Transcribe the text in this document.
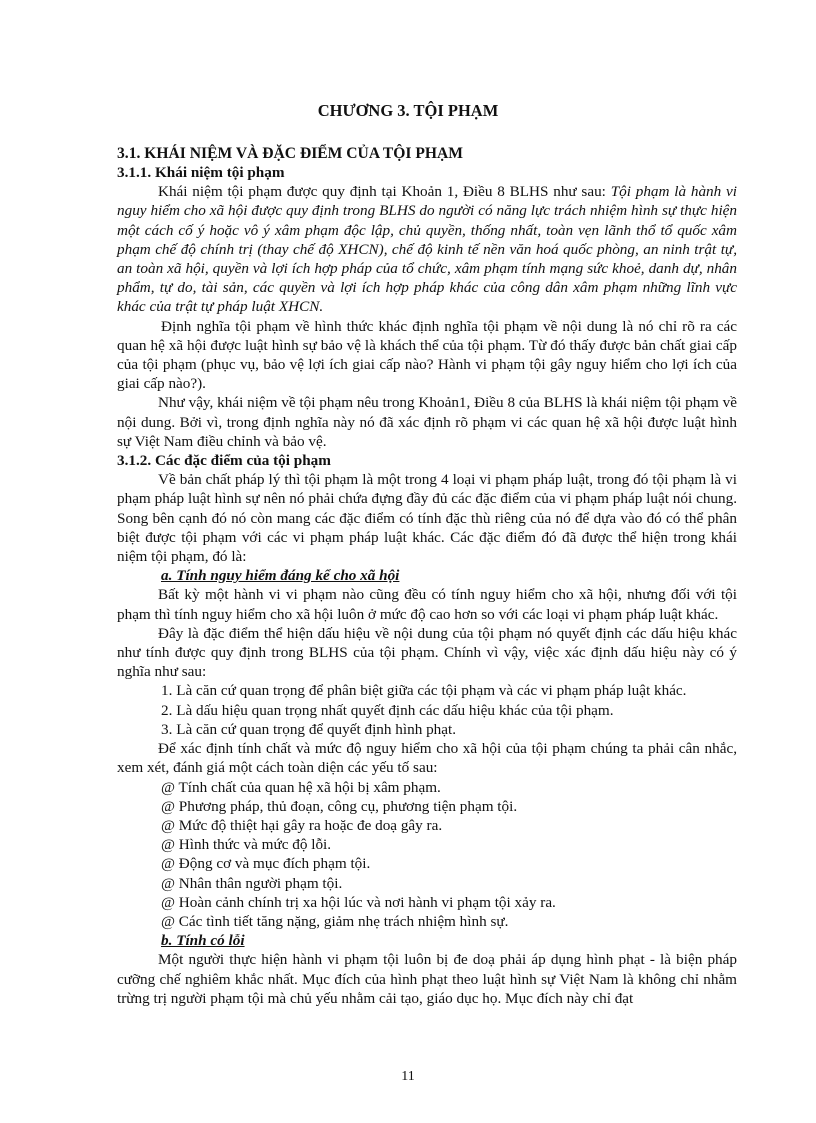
CHƯƠNG 3. TỘI PHẠM
3.1. KHÁI NIỆM VÀ ĐẶC ĐIỂM CỦA TỘI PHẠM
3.1.1. Khái niệm tội phạm

Khái niệm tội phạm được quy định tại Khoản 1, Điều 8 BLHS như sau: Tội phạm là hành vi nguy hiểm cho xã hội được quy định trong BLHS do người có năng lực trách nhiệm hình sự thực hiện một cách cố ý hoặc vô ý xâm phạm độc lập, chủ quyền, thống nhất, toàn vẹn lãnh thổ tổ quốc xâm phạm chế độ chính trị (thay chế độ XHCN), chế độ kinh tế nền văn hoá quốc phòng, an ninh trật tự, an toàn xã hội, quyền và lợi ích hợp pháp của tổ chức, xâm phạm tính mạng sức khoẻ, danh dự, nhân phẩm, tự do, tài sản, các quyền và lợi ích hợp pháp khác của công dân xâm phạm những lĩnh vực khác của trật tự pháp luật XHCN.

Định nghĩa tội phạm về hình thức khác định nghĩa tội phạm về nội dung là nó chỉ rõ ra các quan hệ xã hội được luật hình sự bảo vệ là khách thể của tội phạm. Từ đó thấy được bản chất giai cấp của tội phạm (phục vụ, bảo vệ lợi ích giai cấp nào? Hành vi phạm tội gây nguy hiểm cho lợi ích của giai cấp nào?).

Như vậy, khái niệm về tội phạm nêu trong Khoản1, Điều 8 của BLHS là khái niệm tội phạm về nội dung. Bởi vì, trong định nghĩa này nó đã xác định rõ phạm vi các quan hệ xã hội được luật hình sự Việt Nam điều chỉnh và bảo vệ.

3.1.2. Các đặc điểm của tội phạm

Về bản chất pháp lý thì tội phạm là một trong 4 loại vi phạm pháp luật, trong đó tội phạm là vi phạm pháp luật hình sự nên nó phải chứa đựng đầy đủ các đặc điểm của vi phạm pháp luật nói chung. Song bên cạnh đó nó còn mang các đặc điểm có tính đặc thù riêng của nó để dựa vào đó có thể phân biệt được tội phạm với các vi phạm pháp luật khác. Các đặc điểm đó đã được thể hiện trong khái niệm tội phạm, đó là:

a. Tính nguy hiểm đáng kể cho xã hội

Bất kỳ một hành vi vi phạm nào cũng đều có tính nguy hiểm cho xã hội, nhưng đối với tội phạm thì tính nguy hiểm cho xã hội luôn ở mức độ cao hơn so với các loại vi phạm pháp luật khác.

Đây là đặc điểm thể hiện dấu hiệu về nội dung của tội phạm nó quyết định các dấu hiệu khác như tính được quy định trong BLHS của tội phạm. Chính vì vậy, việc xác định dấu hiệu này có ý nghĩa như sau:

1. Là căn cứ quan trọng để phân biệt giữa các tội phạm và các vi phạm pháp luật khác.
2. Là dấu hiệu quan trọng nhất quyết định các dấu hiệu khác của tội phạm.
3. Là căn cứ quan trọng để quyết định hình phạt.

Để xác định tính chất và mức độ nguy hiểm cho xã hội của tội phạm chúng ta phải cân nhắc, xem xét, đánh giá một cách toàn diện các yếu tố sau:

@ Tính chất của quan hệ xã hội bị xâm phạm.
@ Phương pháp, thủ đoạn, công cụ, phương tiện phạm tội.
@ Mức độ thiệt hại gây ra hoặc đe doạ gây ra.
@ Hình thức và mức độ lỗi.
@ Động cơ và mục đích phạm tội.
@ Nhân thân người phạm tội.
@ Hoàn cảnh chính trị xa hội lúc và nơi hành vi phạm tội xảy ra.
@ Các tình tiết tăng nặng, giảm nhẹ trách nhiệm hình sự.
b. Tính có lỗi

Một người thực hiện hành vi phạm tội luôn bị đe doạ phải áp dụng hình phạt - là biện pháp cưỡng chế nghiêm khắc nhất. Mục đích của hình phạt theo luật hình sự Việt Nam là không chỉ nhằm trừng trị người phạm tội mà chủ yếu nhằm cải tạo, giáo dục họ. Mục đích này chỉ đạt

11
